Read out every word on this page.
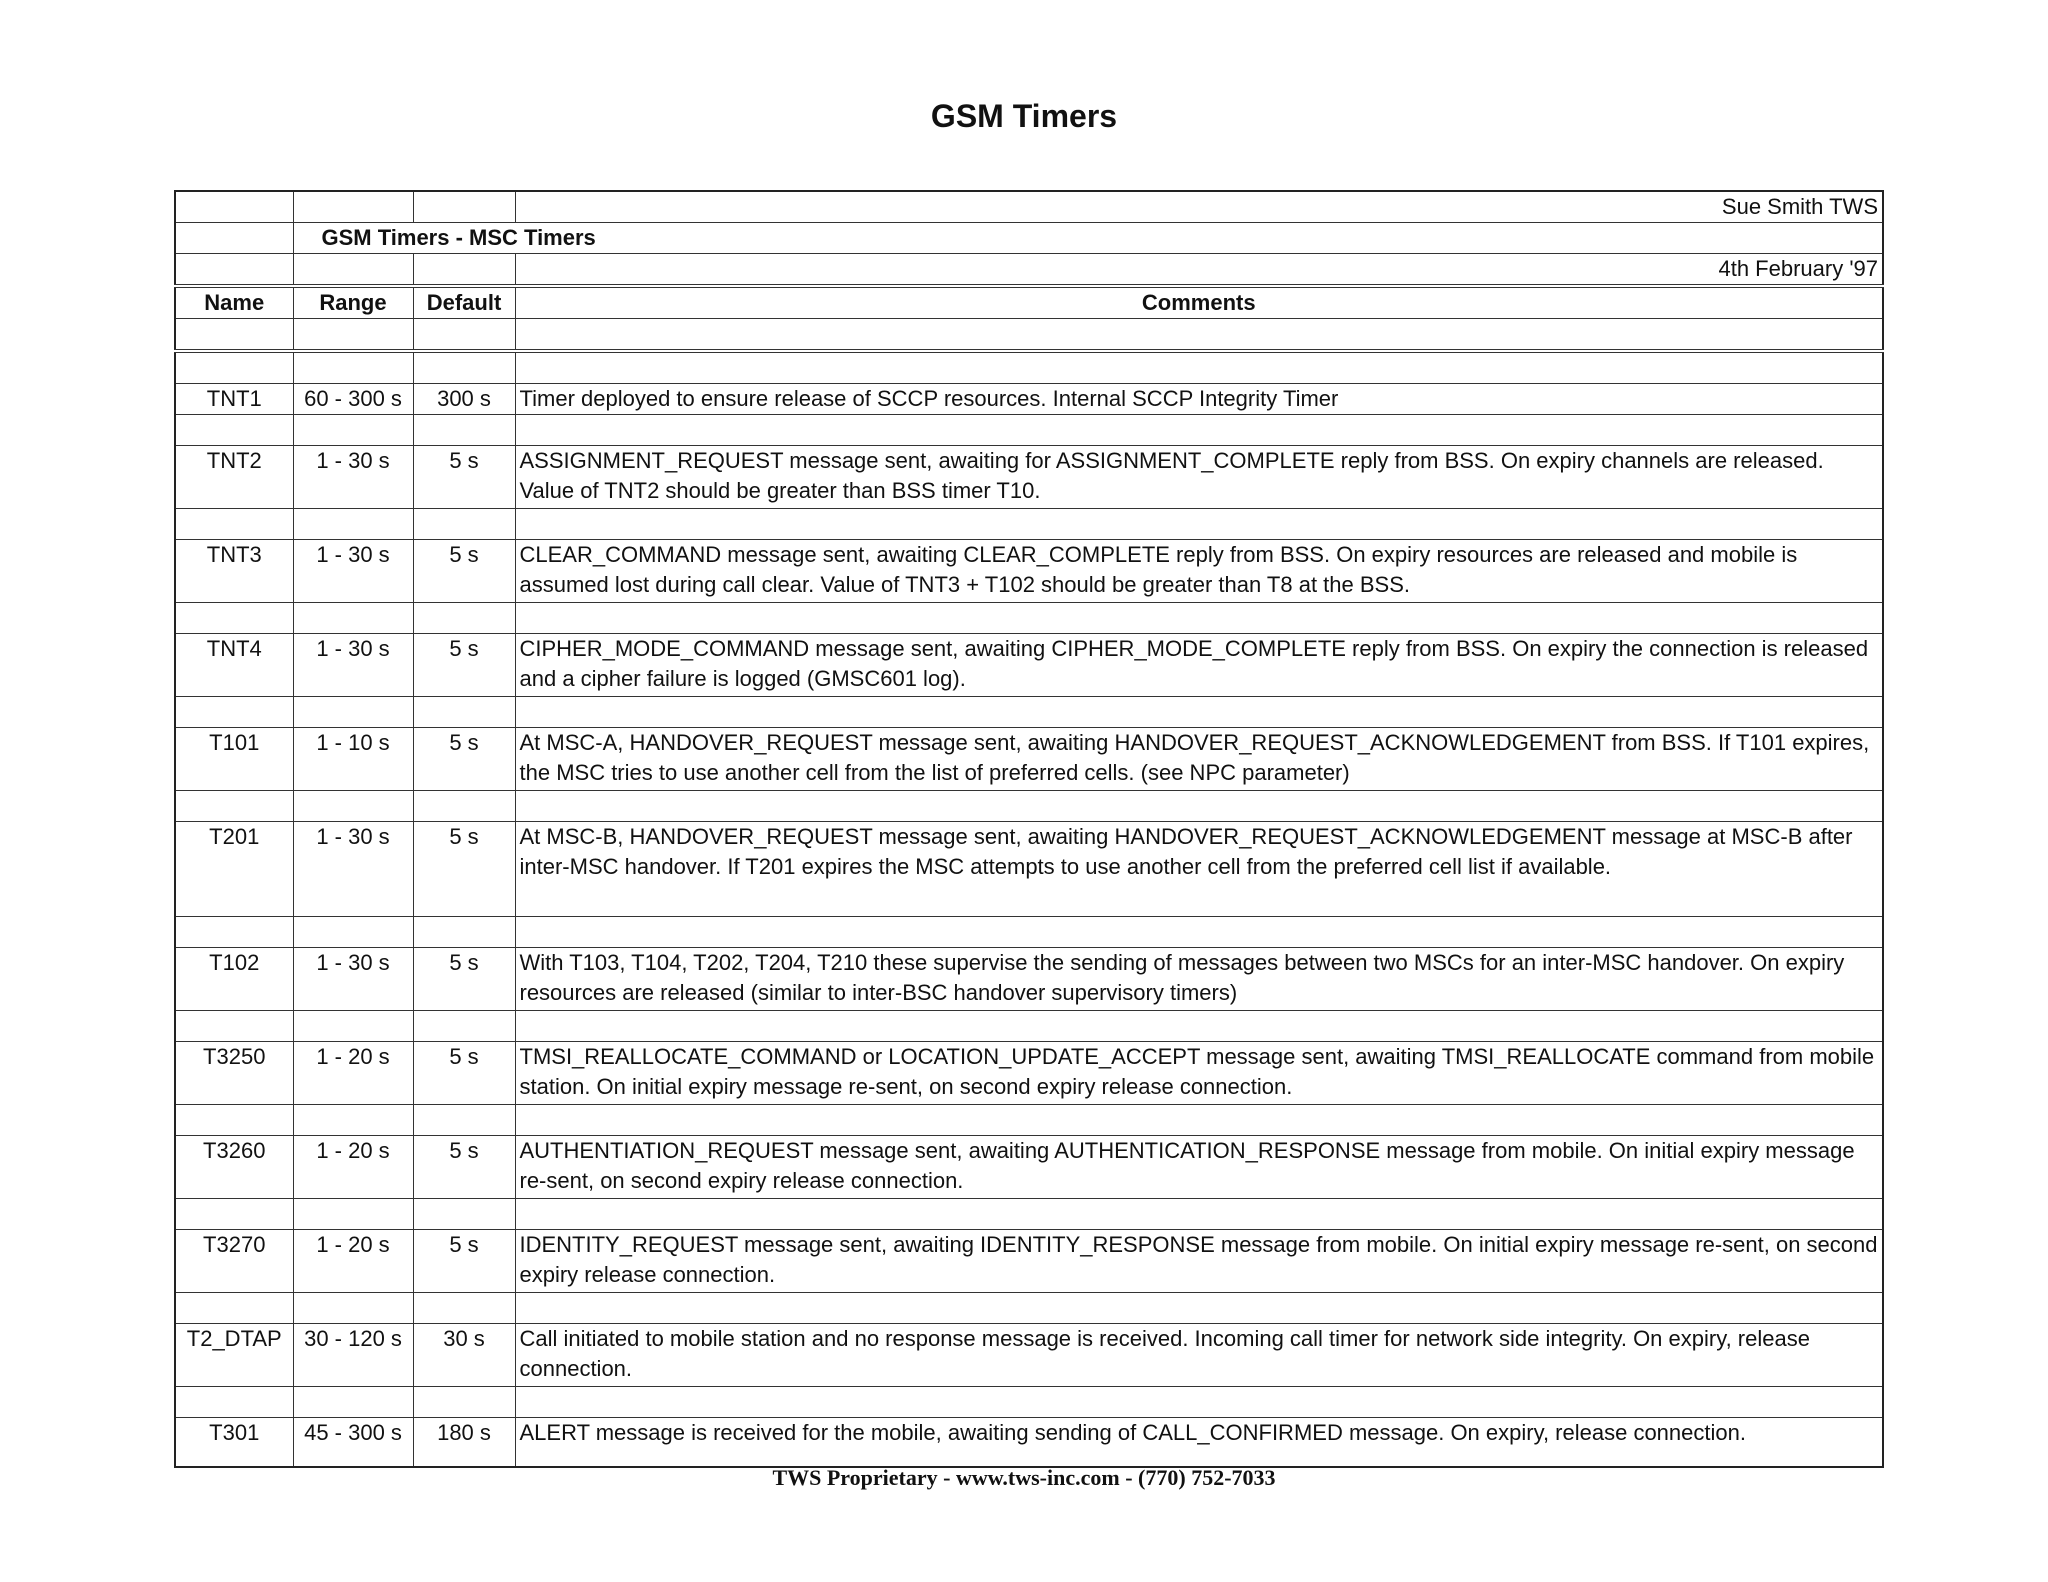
GSM Timers
			Sue Smith TWS
	GSM Timers - MSC Timers		
			4th February '97
Name	Range	Default	Comments

TNT1	60 - 300 s	300 s	Timer deployed to ensure release of SCCP resources. Internal SCCP Integrity Timer

TNT2	1 - 30 s	5 s	ASSIGNMENT_REQUEST message sent, awaiting for ASSIGNMENT_COMPLETE reply from BSS. On expiry channels are released. Value of TNT2 should be greater than BSS timer T10.

TNT3	1 - 30 s	5 s	CLEAR_COMMAND message sent, awaiting CLEAR_COMPLETE reply from BSS. On expiry resources are released and mobile is assumed lost during call clear. Value of TNT3 + T102 should be greater than T8 at the BSS.

TNT4	1 - 30 s	5 s	CIPHER_MODE_COMMAND message sent, awaiting CIPHER_MODE_COMPLETE reply from BSS. On expiry the connection is released and a cipher failure is logged (GMSC601 log).

T101	1 - 10 s	5 s	At MSC-A, HANDOVER_REQUEST message sent, awaiting HANDOVER_REQUEST_ACKNOWLEDGEMENT from BSS. If T101 expires, the MSC tries to use another cell from the list of preferred cells. (see NPC parameter)

T201	1 - 30 s	5 s	At MSC-B, HANDOVER_REQUEST message sent, awaiting HANDOVER_REQUEST_ACKNOWLEDGEMENT message at MSC-B after inter-MSC handover. If T201 expires the MSC attempts to use another cell from the preferred cell list if available.

T102	1 - 30 s	5 s	With T103, T104, T202, T204, T210 these supervise the sending of messages between two MSCs for an inter-MSC handover. On expiry resources are released (similar to inter-BSC handover supervisory timers)

T3250	1 - 20 s	5 s	TMSI_REALLOCATE_COMMAND or LOCATION_UPDATE_ACCEPT message sent, awaiting TMSI_REALLOCATE command from mobile station. On initial expiry message re-sent, on second expiry release connection.

T3260	1 - 20 s	5 s	AUTHENTIATION_REQUEST message sent, awaiting AUTHENTICATION_RESPONSE message from mobile. On initial expiry message re-sent, on second expiry release connection.

T3270	1 - 20 s	5 s	IDENTITY_REQUEST message sent, awaiting IDENTITY_RESPONSE message from mobile. On initial expiry message re-sent, on second expiry release connection.

T2_DTAP	30 - 120 s	30 s	Call initiated to mobile station and no response message is received. Incoming call timer for network side integrity. On expiry, release connection.

T301	45 - 300 s	180 s	ALERT message is received for the mobile, awaiting sending of CALL_CONFIRMED message. On expiry, release connection.
TWS Proprietary - www.tws-inc.com - (770) 752-7033
